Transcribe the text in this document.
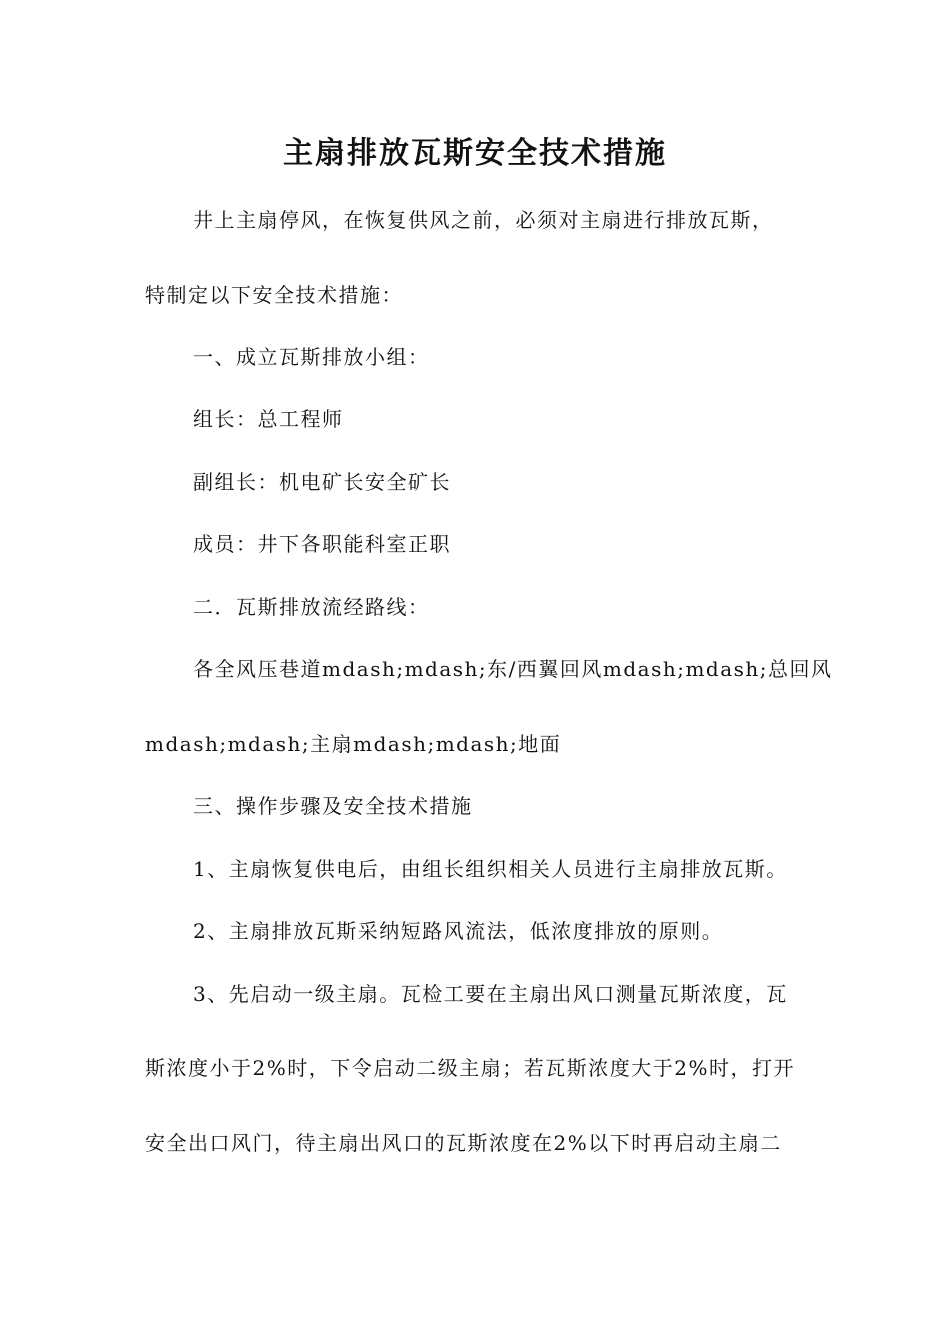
主扇排放瓦斯安全技术措施
井上主扇停风，在恢复供风之前，必须对主扇进行排放瓦斯，
特制定以下安全技术措施：
一、成立瓦斯排放小组：
组长：总工程师
副组长：机电矿长安全矿长
成员：井下各职能科室正职
二．瓦斯排放流经路线：
各全风压巷道mdash;mdash;东/西翼回风mdash;mdash;总回风
mdash;mdash;主扇mdash;mdash;地面
三、操作步骤及安全技术措施
1、主扇恢复供电后，由组长组织相关人员进行主扇排放瓦斯。
2、主扇排放瓦斯采纳短路风流法，低浓度排放的原则。
3、先启动一级主扇。瓦检工要在主扇出风口测量瓦斯浓度，瓦
斯浓度小于2%时，下令启动二级主扇；若瓦斯浓度大于2%时，打开
安全出口风门，待主扇出风口的瓦斯浓度在2%以下时再启动主扇二
